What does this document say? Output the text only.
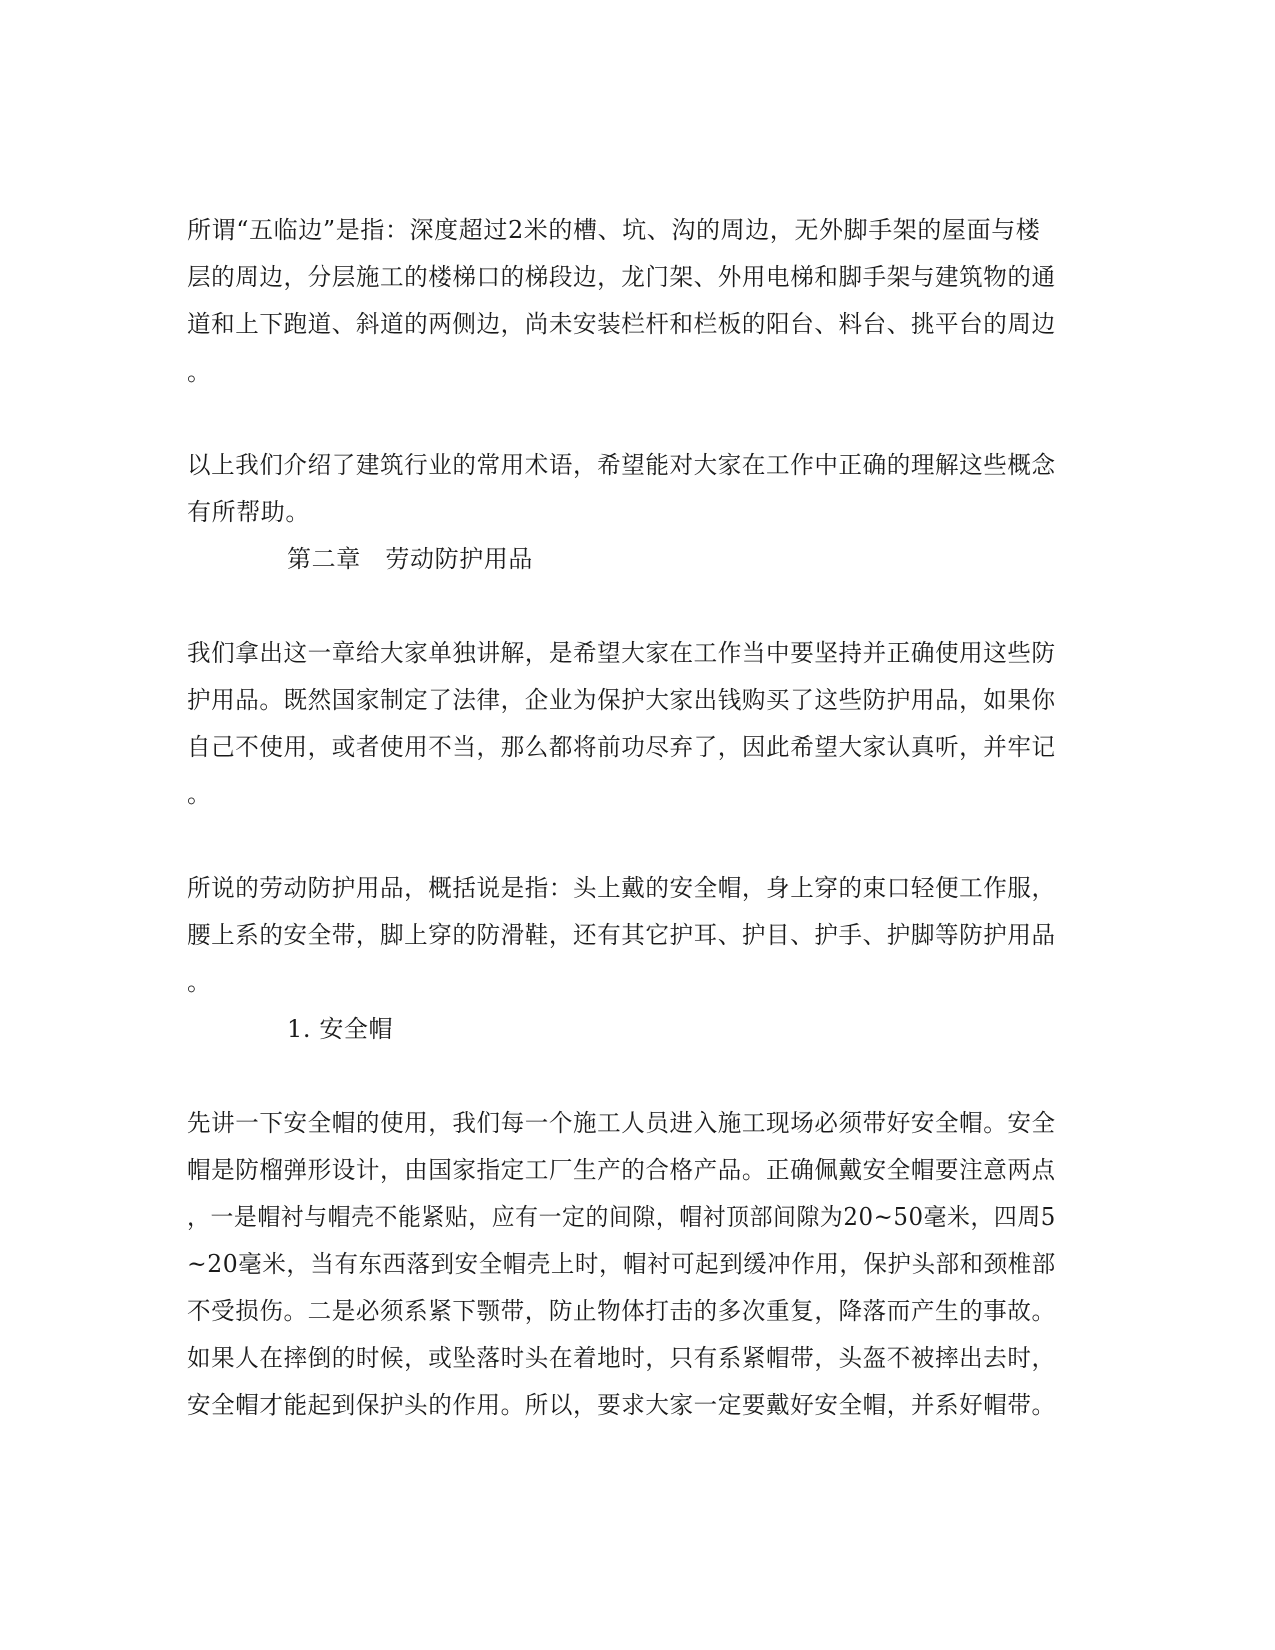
所谓“五临边”是指：深度超过2米的槽、坑、沟的周边，无外脚手架的屋面与楼
层的周边，分层施工的楼梯口的梯段边，龙门架、外用电梯和脚手架与建筑物的通
道和上下跑道、斜道的两侧边，尚未安装栏杆和栏板的阳台、料台、挑平台的周边
。
以上我们介绍了建筑行业的常用术语，希望能对大家在工作中正确的理解这些概念
有所帮助。
第二章　劳动防护用品
我们拿出这一章给大家单独讲解，是希望大家在工作当中要坚持并正确使用这些防
护用品。既然国家制定了法律，企业为保护大家出钱购买了这些防护用品，如果你
自己不使用，或者使用不当，那么都将前功尽弃了，因此希望大家认真听，并牢记
。
所说的劳动防护用品，概括说是指：头上戴的安全帽，身上穿的束口轻便工作服，
腰上系的安全带，脚上穿的防滑鞋，还有其它护耳、护目、护手、护脚等防护用品
。
1. 安全帽
先讲一下安全帽的使用，我们每一个施工人员进入施工现场必须带好安全帽。安全
帽是防榴弹形设计，由国家指定工厂生产的合格产品。正确佩戴安全帽要注意两点
，一是帽衬与帽壳不能紧贴，应有一定的间隙，帽衬顶部间隙为20~50毫米，四周5
~20毫米，当有东西落到安全帽壳上时，帽衬可起到缓冲作用，保护头部和颈椎部
不受损伤。二是必须系紧下颚带，防止物体打击的多次重复，降落而产生的事故。
如果人在摔倒的时候，或坠落时头在着地时，只有系紧帽带，头盔不被摔出去时，
安全帽才能起到保护头的作用。所以，要求大家一定要戴好安全帽，并系好帽带。
